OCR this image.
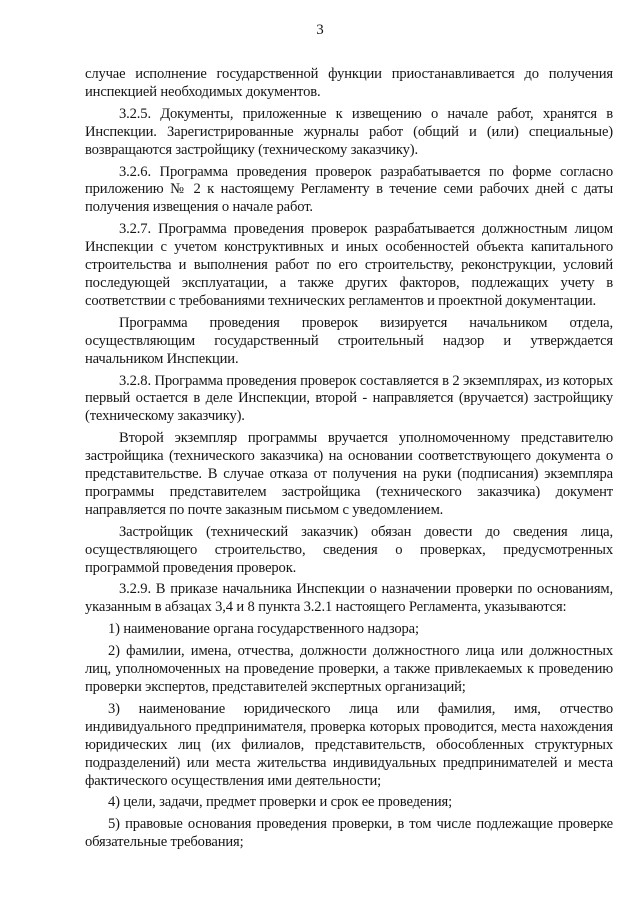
3

случае исполнение государственной функции приостанавливается до получения инспекцией необходимых документов.

3.2.5. Документы, приложенные к извещению о начале работ, хранятся в Инспекции. Зарегистрированные журналы работ (общий и (или) специальные) возвращаются застройщику (техническому заказчику).

3.2.6. Программа проведения проверок разрабатывается по форме согласно приложению № 2 к настоящему Регламенту в течение семи рабочих дней с даты получения извещения о начале работ.

3.2.7. Программа проведения проверок разрабатывается должностным лицом Инспекции с учетом конструктивных и иных особенностей объекта капитального строительства и выполнения работ по его строительству, реконструкции, условий последующей эксплуатации, а также других факторов, подлежащих учету в соответствии с требованиями технических регламентов и проектной документации.

Программа проведения проверок визируется начальником отдела, осуществляющим государственный строительный надзор и утверждается начальником Инспекции.

3.2.8. Программа проведения проверок составляется в 2 экземплярах, из которых первый остается в деле Инспекции, второй - направляется (вручается) застройщику (техническому заказчику).

Второй экземпляр программы вручается уполномоченному представителю застройщика (технического заказчика) на основании соответствующего документа о представительстве. В случае отказа от получения на руки (подписания) экземпляра программы представителем застройщика (технического заказчика) документ направляется по почте заказным письмом с уведомлением.

Застройщик (технический заказчик) обязан довести до сведения лица, осуществляющего строительство, сведения о проверках, предусмотренных программой проведения проверок.

3.2.9. В приказе начальника Инспекции о назначении проверки по основаниям, указанным в абзацах 3,4 и 8 пункта 3.2.1 настоящего Регламента, указываются:

1) наименование органа государственного надзора;

2) фамилии, имена, отчества, должности должностного лица или должностных лиц, уполномоченных на проведение проверки, а также привлекаемых к проведению проверки экспертов, представителей экспертных организаций;

3) наименование юридического лица или фамилия, имя, отчество индивидуального предпринимателя, проверка которых проводится, места нахождения юридических лиц (их филиалов, представительств, обособленных структурных подразделений) или места жительства индивидуальных предпринимателей и места фактического осуществления ими деятельности;

4) цели, задачи, предмет проверки и срок ее проведения;

5) правовые основания проведения проверки, в том числе подлежащие проверке обязательные требования;
